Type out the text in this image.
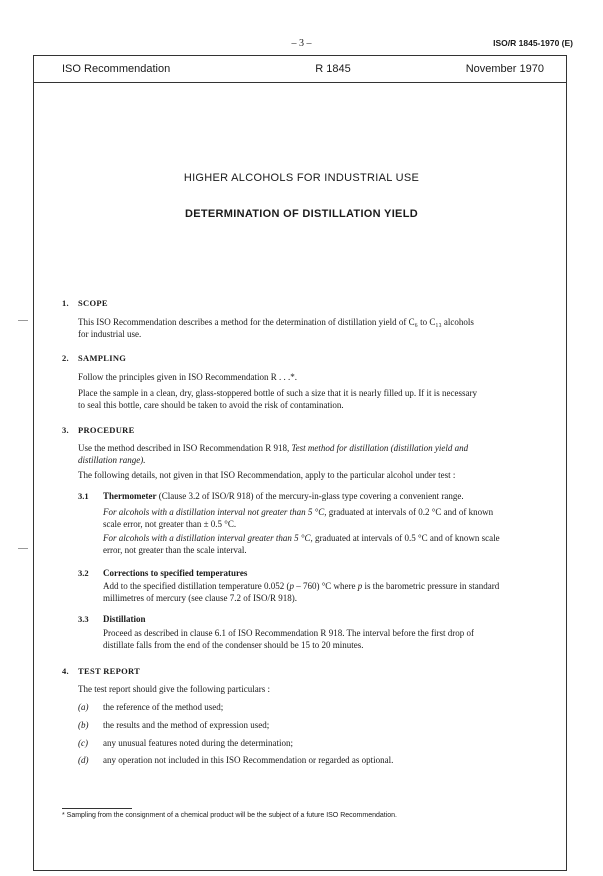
– 3 –	ISO/R 1845-1970 (E)
ISO Recommendation	R 1845	November 1970
HIGHER ALCOHOLS FOR INDUSTRIAL USE
DETERMINATION OF DISTILLATION YIELD
1. SCOPE
This ISO Recommendation describes a method for the determination of distillation yield of C₆ to C₁₃ alcohols
for industrial use.
2. SAMPLING
Follow the principles given in ISO Recommendation R . . .*.
Place the sample in a clean, dry, glass-stoppered bottle of such a size that it is nearly filled up. If it is necessary
to seal this bottle, care should be taken to avoid the risk of contamination.
3. PROCEDURE
Use the method described in ISO Recommendation R 918, Test method for distillation (distillation yield and
distillation range).
The following details, not given in that ISO Recommendation, apply to the particular alcohol under test :
3.1 Thermometer (Clause 3.2 of ISO/R 918) of the mercury-in-glass type covering a convenient range.
For alcohols with a distillation interval not greater than 5 °C, graduated at intervals of 0.2 °C and of known
scale error, not greater than ± 0.5 °C.
For alcohols with a distillation interval greater than 5 °C, graduated at intervals of 0.5 °C and of known scale
error, not greater than the scale interval.
3.2 Corrections to specified temperatures
Add to the specified distillation temperature 0.052 (p – 760) °C where p is the barometric pressure in standard
millimetres of mercury (see clause 7.2 of ISO/R 918).
3.3 Distillation
Proceed as described in clause 6.1 of ISO Recommendation R 918. The interval before the first drop of
distillate falls from the end of the condenser should be 15 to 20 minutes.
4. TEST REPORT
The test report should give the following particulars :
(a) the reference of the method used;
(b) the results and the method of expression used;
(c) any unusual features noted during the determination;
(d) any operation not included in this ISO Recommendation or regarded as optional.
* Sampling from the consignment of a chemical product will be the subject of a future ISO Recommendation.
